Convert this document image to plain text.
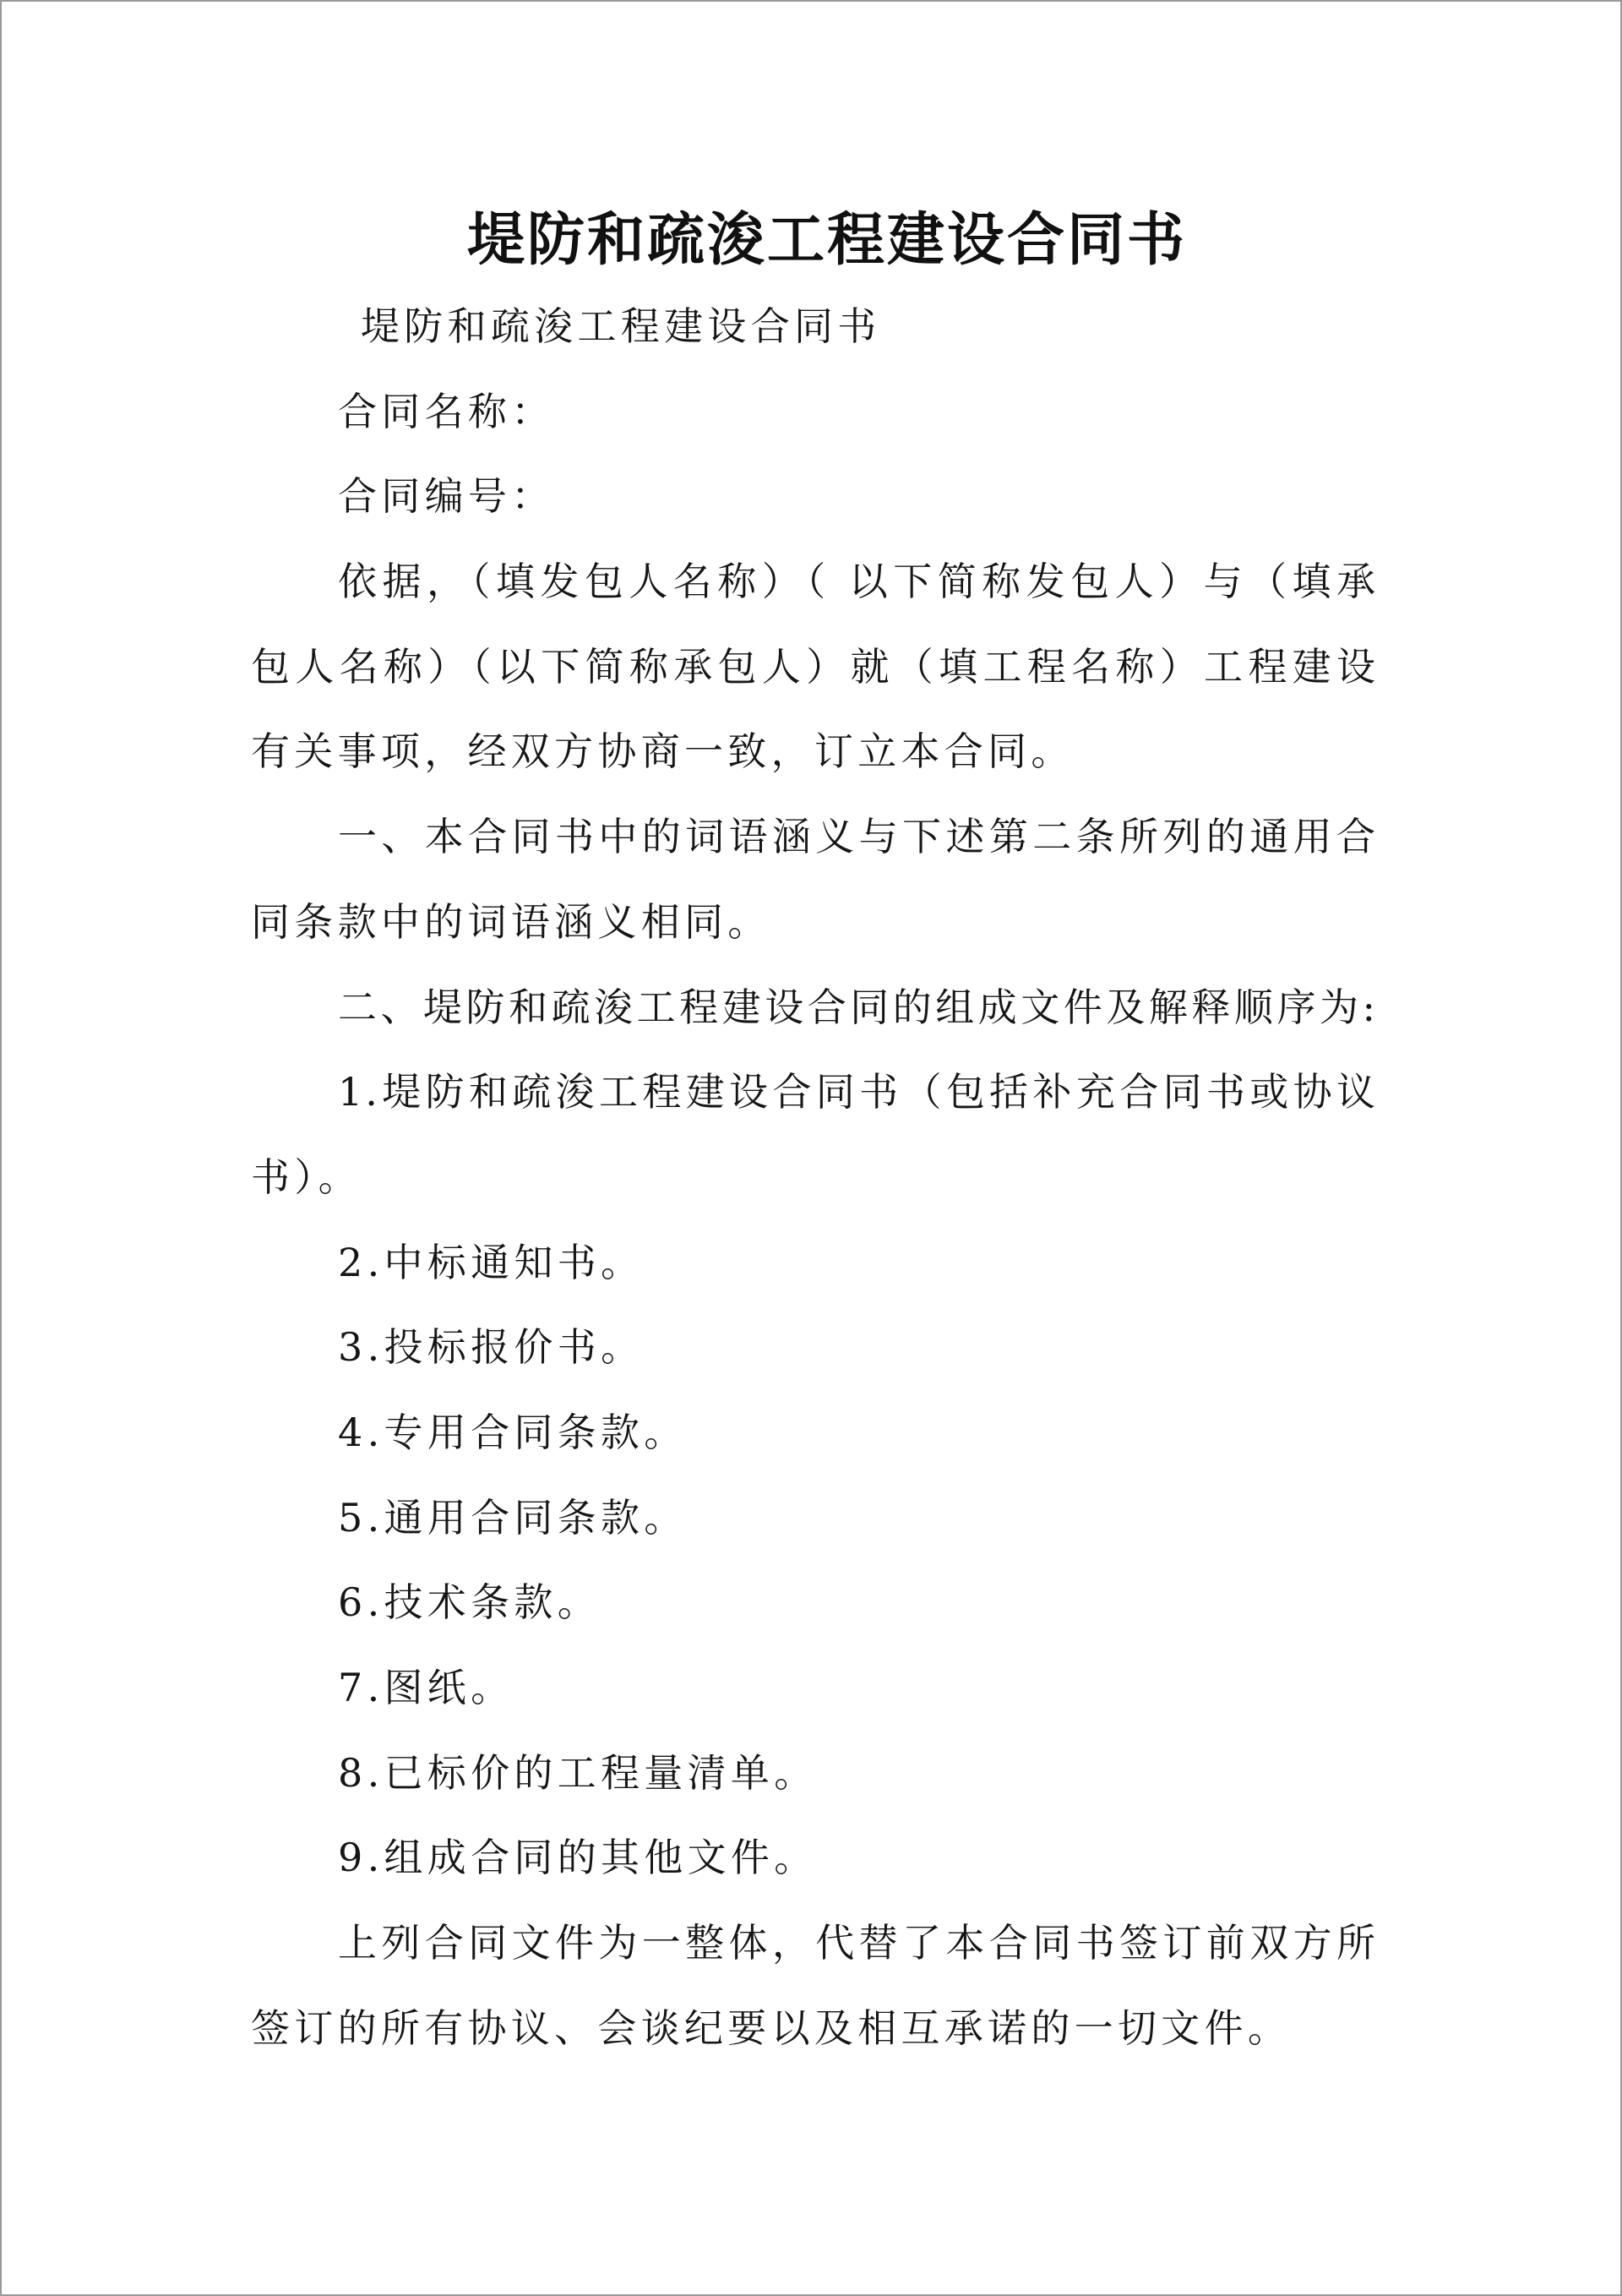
堤防和疏浚工程建设合同书
堤防和疏浚工程建设合同书
合同名称：
合同编号：
依据，（填发包人名称）（ 以下简称发包人）与（填承
包人名称）（以下简称承包人）就（填工程名称）工程建设
有关事项，经双方协商一致，订立本合同。
一、本合同书中的词语涵义与下述第二条所列的通用合
同条款中的词语涵义相同。
二、堤防和疏浚工程建设合同的组成文件及解释顺序为:
1.堤防和疏浚工程建设合同书（包括补充合同书或协议
书）。
2.中标通知书。
3.投标报价书。
4.专用合同条款。
5.通用合同条款。
6.技术条款。
7.图纸。
8.已标价的工程量清单。
9.组成合同的其他文件。
上列合同文件为一整体，代替了本合同书签订前双方所
签订的所有协议、会谈纪要以及相互承诺的一切文件。
